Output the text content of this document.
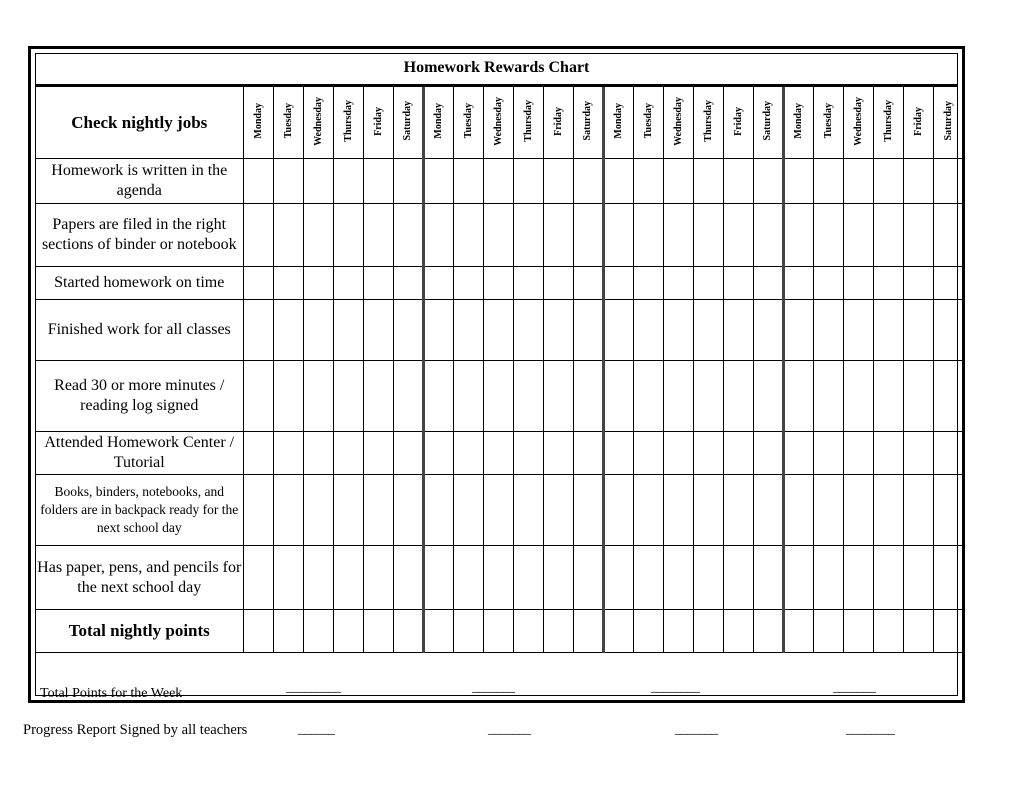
Homework Rewards Chart
Check nightly jobs	Monday	Tuesday	Wednesday	Thursday	Friday	Saturday	Monday	Tuesday	Wednesday	Thursday	Friday	Saturday	Monday	Tuesday	Wednesday	Thursday	Friday	Saturday	Monday	Tuesday	Wednesday	Thursday	Friday	Saturday
Homework is written in the agenda																								
Papers are filed in the right sections of binder or notebook																								
Started homework on time																								
Finished work for all classes																								
Read 30 or more minutes / reading log signed																								
Attended Homework Center / Tutorial																								
Books, binders, notebooks, and folders are in backpack ready for the next school day																								
Has paper, pens, and pencils for the next school day																								
Total nightly points																								
Total Points for the Week	_________	_______	________	_______
Progress Report Signed by all teachers	______	_______	_______	________
